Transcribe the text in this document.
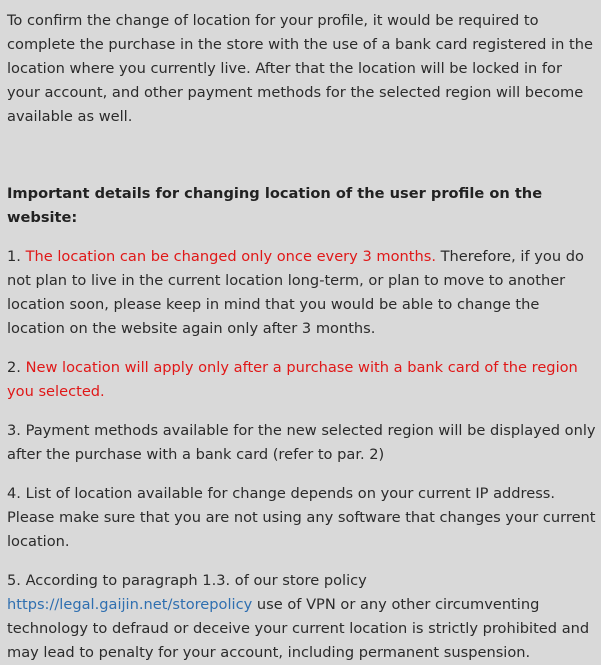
To confirm the change of location for your profile, it would be required to complete the purchase in the store with the use of a bank card registered in the location where you currently live. After that the location will be locked in for your account, and other payment methods for the selected region will become available as well.

Important details for changing location of the user profile on the website:

1. The location can be changed only once every 3 months. Therefore, if you do not plan to live in the current location long-term, or plan to move to another location soon, please keep in mind that you would be able to change the location on the website again only after 3 months.

2. New location will apply only after a purchase with a bank card of the region you selected.

3. Payment methods available for the new selected region will be displayed only after the purchase with a bank card (refer to par. 2)

4. List of location available for change depends on your current IP address. Please make sure that you are not using any software that changes your current location.

5. According to paragraph 1.3. of our store policy https://legal.gaijin.net/storepolicy use of VPN or any other circumventing technology to defraud or deceive your current location is strictly prohibited and may lead to penalty for your account, including permanent suspension.
